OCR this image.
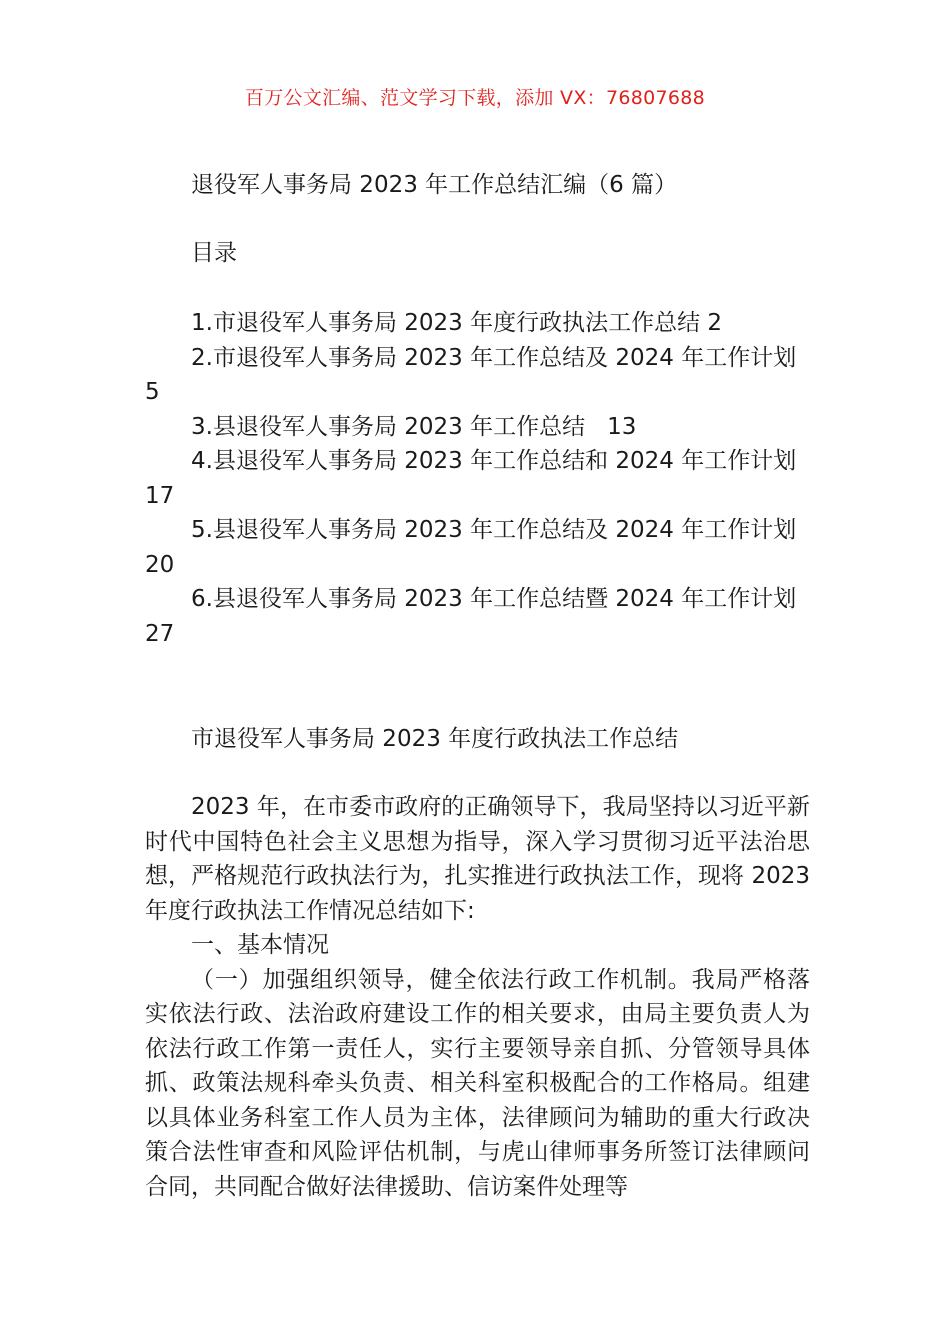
百万公文汇编、范文学习下载，添加 VX：76807688
退役军人事务局 2023 年工作总结汇编（6 篇）
目录
1.市退役军人事务局 2023 年度行政执法工作总结 2
2.市退役军人事务局 2023 年工作总结及 2024 年工作计划 5
3.县退役军人事务局 2023 年工作总结 13
4.县退役军人事务局 2023 年工作总结和 2024 年工作计划 17
5.县退役军人事务局 2023 年工作总结及 2024 年工作计划 20
6.县退役军人事务局 2023 年工作总结暨 2024 年工作计划 27
市退役军人事务局 2023 年度行政执法工作总结

2023 年，在市委市政府的正确领导下，我局坚持以习近平新时代中国特色社会主义思想为指导，深入学习贯彻习近平法治思想，严格规范行政执法行为，扎实推进行政执法工作，现将 2023 年度行政执法工作情况总结如下:

一、基本情况

（一）加强组织领导，健全依法行政工作机制。我局严格落实依法行政、法治政府建设工作的相关要求，由局主要负责人为依法行政工作第一责任人，实行主要领导亲自抓、分管领导具体抓、政策法规科牵头负责、相关科室积极配合的工作格局。组建以具体业务科室工作人员为主体，法律顾问为辅助的重大行政决策合法性审查和风险评估机制，与虎山律师事务所签订法律顾问合同，共同配合做好法律援助、信访案件处理等
